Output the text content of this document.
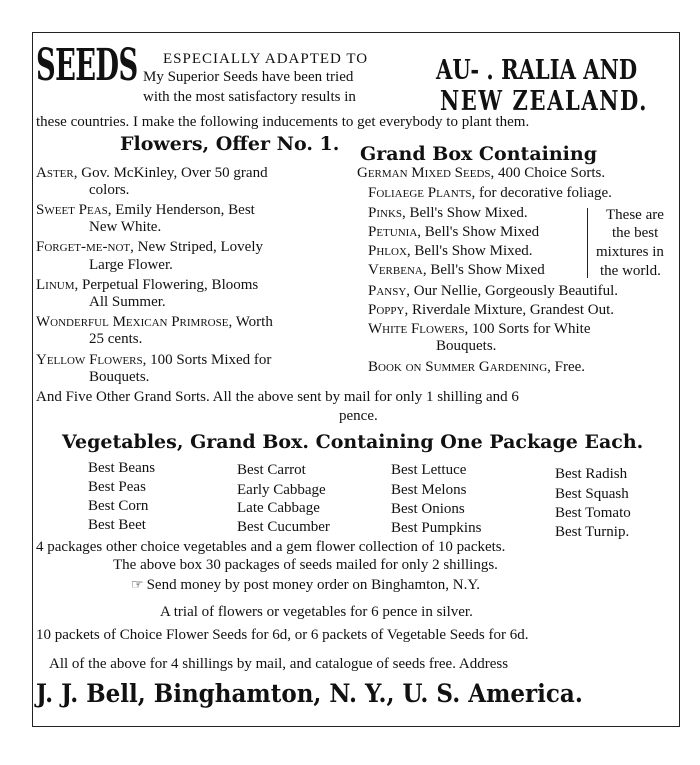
SEEDS ESPECIALLY ADAPTED TO
My Superior Seeds have been tried
with the most satisfactory results in
AU- . RALIA AND
NEW ZEALAND.
these countries. I make the following inducements to get everybody to plant them.
Flowers, Offer No. 1. Grand Box Containing
Aster, Gov. McKinley, Over 50 grand
colors.
Sweet Peas, Emily Henderson, Best
New White.
Forget-me-not, New Striped, Lovely
Large Flower.
Linum, Perpetual Flowering, Blooms
All Summer.
Wonderful Mexican Primrose, Worth
25 cents.
Yellow Flowers, 100 Sorts Mixed for
Bouquets.
German Mixed Seeds, 400 Choice Sorts.
Foliaege Plants, for decorative foliage.
Pinks, Bell's Show Mixed.
Petunia, Bell's Show Mixed
Phlox, Bell's Show Mixed.
Verbena, Bell's Show Mixed
These are
the best
mixtures in
the world.
Pansy, Our Nellie, Gorgeously Beautiful.
Poppy, Riverdale Mixture, Grandest Out.
White Flowers, 100 Sorts for White
Bouquets.
Book on Summer Gardening, Free.
And Five Other Grand Sorts. All the above sent by mail for only 1 shilling and 6
pence.
Vegetables, Grand Box. Containing One Package Each.
Best Beans
Best Peas
Best Corn
Best Beet
Best Carrot
Early Cabbage
Late Cabbage
Best Cucumber
Best Lettuce
Best Melons
Best Onions
Best Pumpkins
Best Radish
Best Squash
Best Tomato
Best Turnip.
4 packages other choice vegetables and a gem flower collection of 10 packets.
The above box 30 packages of seeds mailed for only 2 shillings.
☞ Send money by post money order on Binghamton, N.Y.
A trial of flowers or vegetables for 6 pence in silver.
10 packets of Choice Flower Seeds for 6d, or 6 packets of Vegetable Seeds for 6d.
All of the above for 4 shillings by mail, and catalogue of seeds free. Address
J. J. Bell, Binghamton, N. Y., U. S. America.
